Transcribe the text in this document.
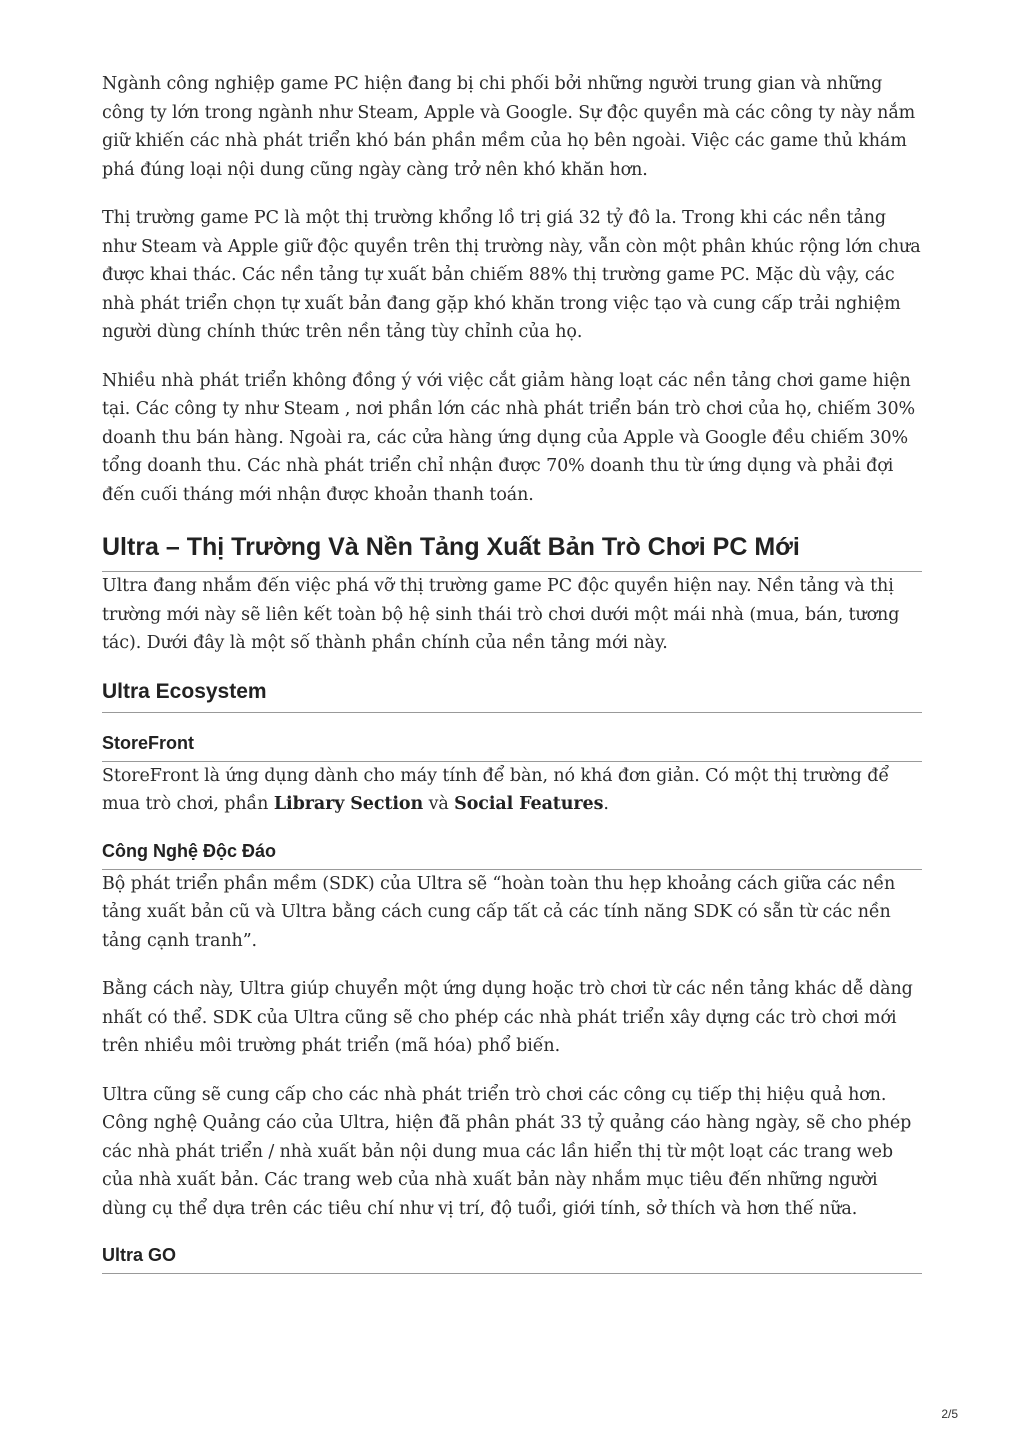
Ngành công nghiệp game PC hiện đang bị chi phối bởi những người trung gian và những công ty lớn trong ngành như Steam, Apple và Google. Sự độc quyền mà các công ty này nắm giữ khiến các nhà phát triển khó bán phần mềm của họ bên ngoài. Việc các game thủ khám phá đúng loại nội dung cũng ngày càng trở nên khó khăn hơn.

Thị trường game PC là một thị trường khổng lồ trị giá 32 tỷ đô la. Trong khi các nền tảng như Steam và Apple giữ độc quyền trên thị trường này, vẫn còn một phân khúc rộng lớn chưa được khai thác. Các nền tảng tự xuất bản chiếm 88% thị trường game PC. Mặc dù vậy, các nhà phát triển chọn tự xuất bản đang gặp khó khăn trong việc tạo và cung cấp trải nghiệm người dùng chính thức trên nền tảng tùy chỉnh của họ.

Nhiều nhà phát triển không đồng ý với việc cắt giảm hàng loạt các nền tảng chơi game hiện tại. Các công ty như Steam , nơi phần lớn các nhà phát triển bán trò chơi của họ, chiếm 30% doanh thu bán hàng. Ngoài ra, các cửa hàng ứng dụng của Apple và Google đều chiếm 30% tổng doanh thu. Các nhà phát triển chỉ nhận được 70% doanh thu từ ứng dụng và phải đợi đến cuối tháng mới nhận được khoản thanh toán.

Ultra – Thị Trường Và Nền Tảng Xuất Bản Trò Chơi PC Mới

Ultra đang nhắm đến việc phá vỡ thị trường game PC độc quyền hiện nay. Nền tảng và thị trường mới này sẽ liên kết toàn bộ hệ sinh thái trò chơi dưới một mái nhà (mua, bán, tương tác). Dưới đây là một số thành phần chính của nền tảng mới này.

Ultra Ecosystem
StoreFront

StoreFront là ứng dụng dành cho máy tính để bàn, nó khá đơn giản. Có một thị trường để mua trò chơi, phần Library Section và Social Features.

Công Nghệ Độc Đáo

Bộ phát triển phần mềm (SDK) của Ultra sẽ “hoàn toàn thu hẹp khoảng cách giữa các nền tảng xuất bản cũ và Ultra bằng cách cung cấp tất cả các tính năng SDK có sẵn từ các nền tảng cạnh tranh”.

Bằng cách này, Ultra giúp chuyển một ứng dụng hoặc trò chơi từ các nền tảng khác dễ dàng nhất có thể. SDK của Ultra cũng sẽ cho phép các nhà phát triển xây dựng các trò chơi mới trên nhiều môi trường phát triển (mã hóa) phổ biến.

Ultra cũng sẽ cung cấp cho các nhà phát triển trò chơi các công cụ tiếp thị hiệu quả hơn. Công nghệ Quảng cáo của Ultra, hiện đã phân phát 33 tỷ quảng cáo hàng ngày, sẽ cho phép các nhà phát triển / nhà xuất bản nội dung mua các lần hiển thị từ một loạt các trang web của nhà xuất bản. Các trang web của nhà xuất bản này nhắm mục tiêu đến những người dùng cụ thể dựa trên các tiêu chí như vị trí, độ tuổi, giới tính, sở thích và hơn thế nữa.

Ultra GO
2/5
